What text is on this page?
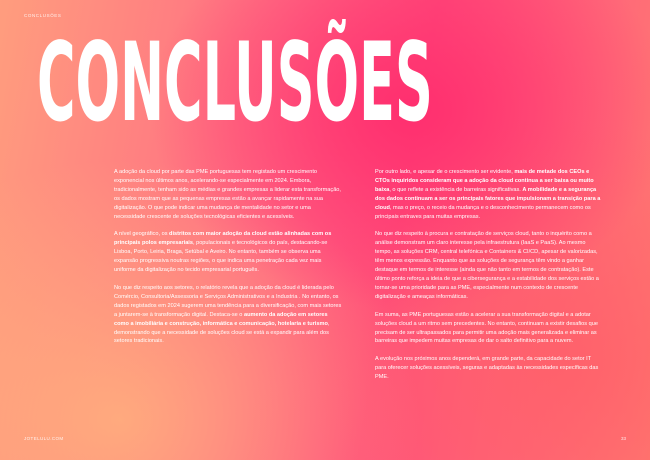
CONCLUSÕES
CONCLUSÕES

A adoção da cloud por parte das PME portuguesas tem registado um crescimento exponencial nos últimos anos, acelerando-se especialmente em 2024. Embora, tradicionalmente, tenham sido as médias e grandes empresas a liderar esta transformação, os dados mostram que as pequenas empresas estão a avançar rapidamente na sua digitalização. O que pode indicar uma mudança de mentalidade no setor e uma necessidade crescente de soluções tecnológicas eficientes e acessíveis.

A nível geográfico, os distritos com maior adoção da cloud estão alinhadas com os principais polos empresariais, populacionais e tecnológicos do país, destacando-se Lisboa, Porto, Leiria, Braga, Setúbal e Aveiro. No entanto, também se observa uma expansão progressiva noutras regiões, o que indica uma penetração cada vez mais uniforme da digitalização no tecido empresarial português.

No que diz respeito aos setores, o relatório revela que a adoção da cloud é liderada pelo Comércio, Consultoria/Assessoria e Serviços Administrativos e a Industria . No entanto, os dados registados em 2024 sugerem uma tendência para a diversificação, com mais setores a juntarem-se à transformação digital. Destaca-se o aumento da adoção em setores como a imobiliária e construção, informática e comunicação, hotelaria e turismo, demonstrando que a necessidade de soluções cloud se está a expandir para além dos setores tradicionais.

Por outro lado, e apesar de o crescimento ser evidente, mais de metade dos CEOs e CTOs inquiridos consideram que a adoção da cloud continua a ser baixa ou muito baixa, o que reflete a existência de barreiras significativas. A mobilidade e a segurança dos dados continuam a ser os principais fatores que impulsionam a transição para a cloud, mas o preço, o receio da mudança e o desconhecimento permanecem como os principais entraves para muitas empresas.

No que diz respeito à procura e contratação de serviços cloud, tanto o inquérito como a análise demonstram um claro interesse pela infraestrutura (IaaS e PaaS). Ao mesmo tempo, as soluções CRM, central telefónica e Containers & CI/CD, apesar de valorizadas, têm menos expressão. Enquanto que as soluções de segurança têm vindo a ganhar destaque em termos de interesse (ainda que não tanto em termos de contratação). Este último ponto reforça a ideia de que a cibersegurança e a estabilidade dos serviços estão a tornar-se uma prioridade para as PME, especialmente num contexto de crescente digitalização e ameaças informáticas.

Em suma, as PME portuguesas estão a acelerar a sua transformação digital e a adotar soluções cloud a um ritmo sem precedentes. No entanto, continuam a existir desafios que precisam de ser ultrapassados para permitir uma adoção mais generalizada e eliminar as barreiras que impedem muitas empresas de dar o salto definitivo para a nuvem.

A evolução nos próximos anos dependerá, em grande parte, da capacidade do setor IT para oferecer soluções acessíveis, seguras e adaptadas às necessidades específicas das PME.

JOTELULU.COM	33
